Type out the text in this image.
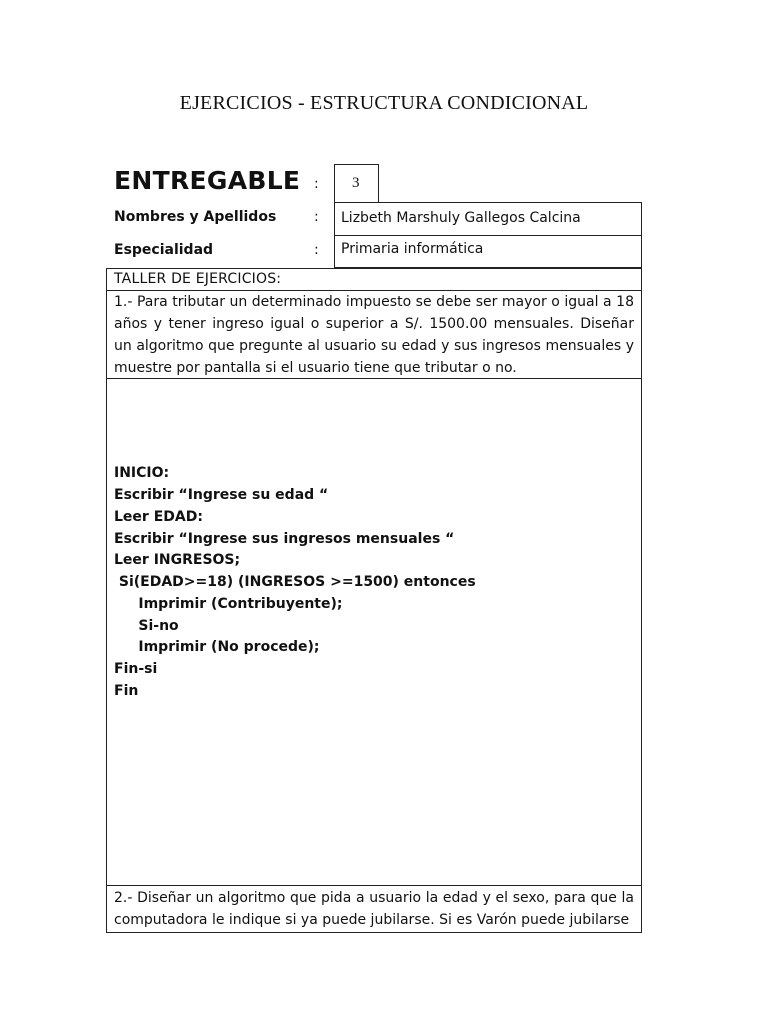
EJERCICIOS - ESTRUCTURA CONDICIONAL
ENTREGABLE :	3
Nombres y Apellidos	:	Lizbeth Marshuly Gallegos Calcina
Especialidad	:	Primaria informática
TALLER DE EJERCICIOS:
1.- Para tributar un determinado impuesto se debe ser mayor o igual a 18 años y tener ingreso igual o superior a S/. 1500.00 mensuales. Diseñar un algoritmo que pregunte al usuario su edad y sus ingresos mensuales y muestre por pantalla si el usuario tiene que tributar o no.
INICIO:
Escribir “Ingrese su edad “
Leer EDAD:
Escribir “Ingrese sus ingresos mensuales “
Leer INGRESOS;
Si(EDAD>=18) (INGRESOS >=1500) entonces
Imprimir (Contribuyente);
Si-no
Imprimir (No procede);
Fin-si
Fin
2.- Diseñar un algoritmo que pida a usuario la edad y el sexo, para que la computadora le indique si ya puede jubilarse. Si es Varón puede jubilarse
